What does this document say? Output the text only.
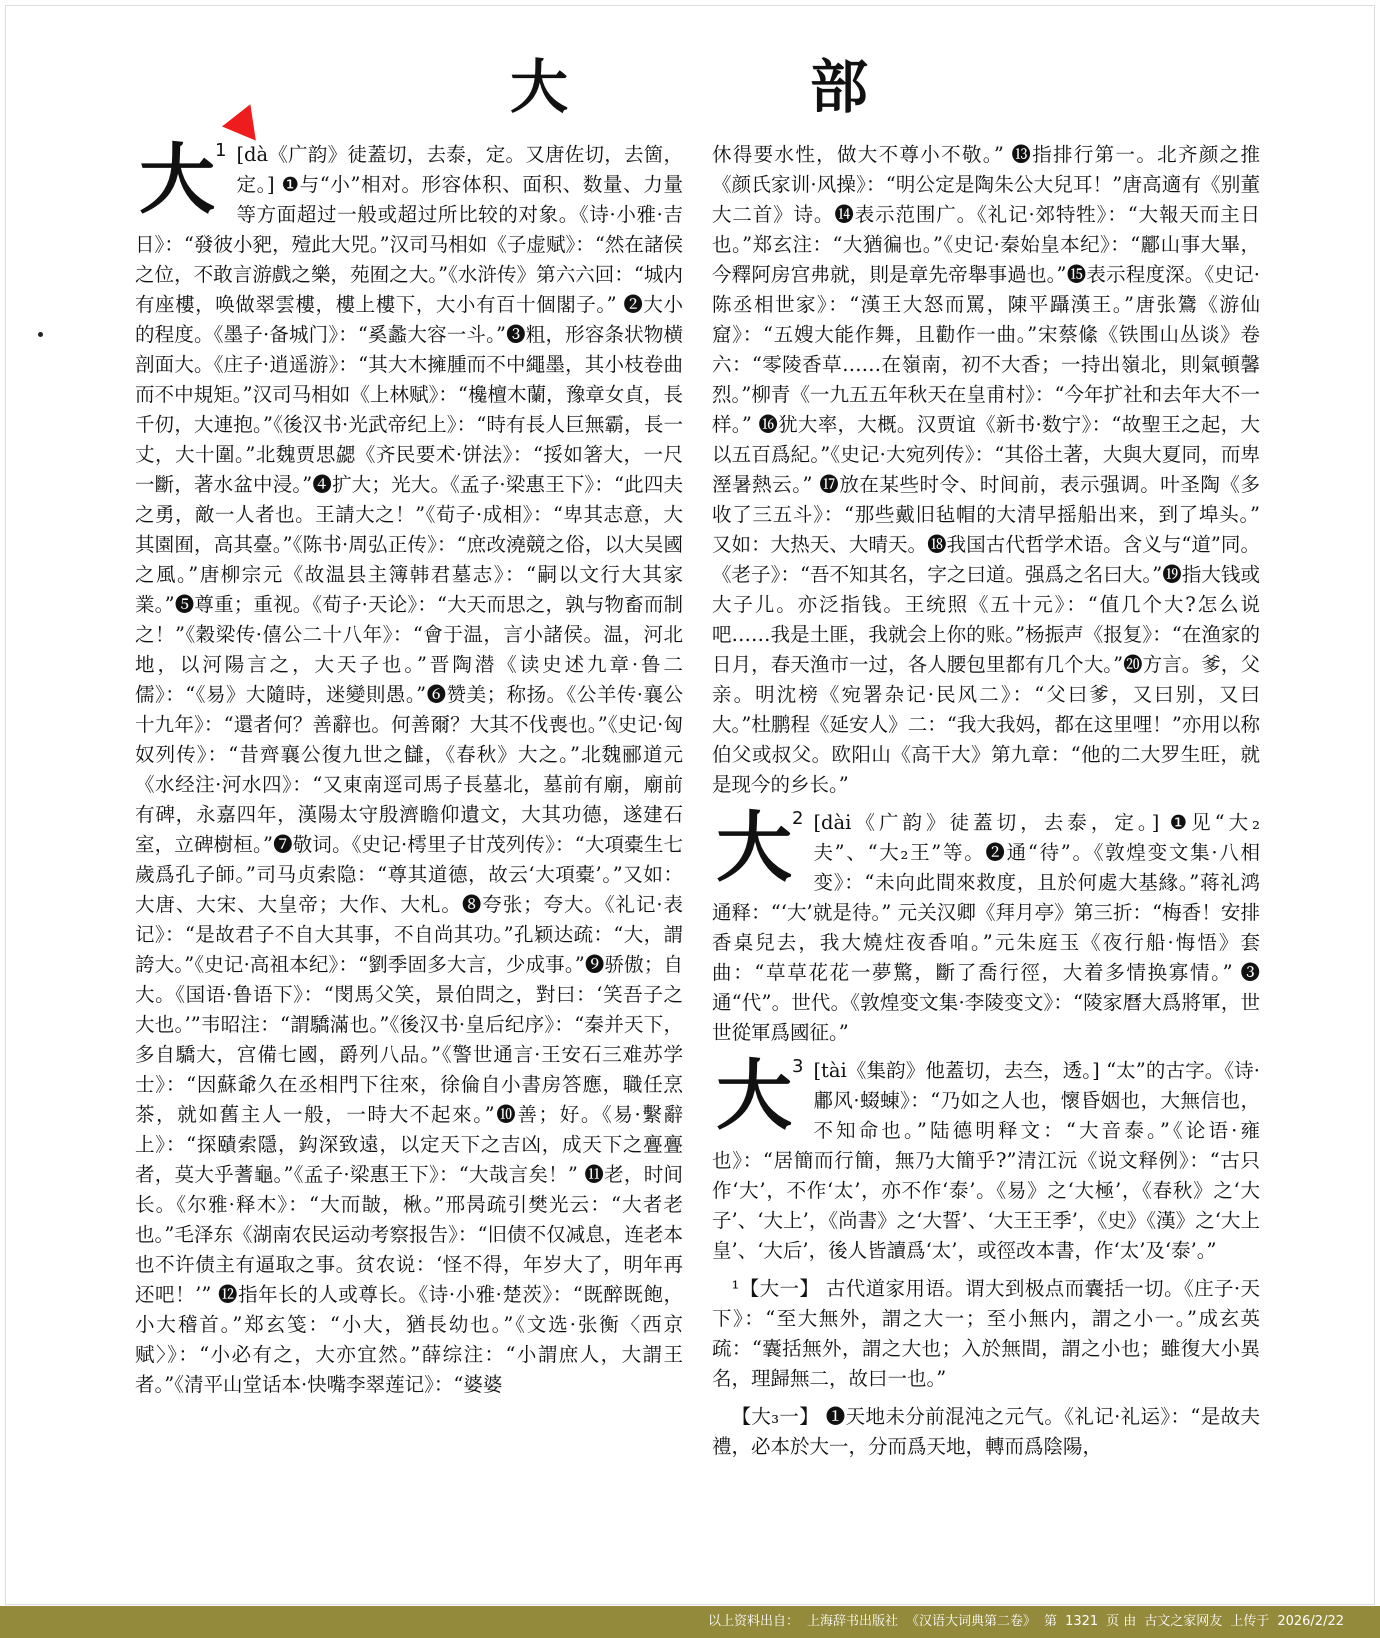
大	部
大$^1$ [dà《广韵》徒蓋切，去泰，定。又唐佐切，去箇，定。] ❶与“小”相对。形容体积、面积、数量、力量等方面超过一般或超过所比较的对象。《诗·小雅·吉日》：“發彼小豝，殪此大兕。”汉司马相如《子虚赋》：“然在諸侯之位，不敢言游戲之樂，苑囿之大。”《水浒传》第六六回：“城内有座樓，唤做翠雲樓，樓上樓下，大小有百十個閣子。” ❷大小的程度。《墨子·备城门》：“奚蠡大容一斗。”❸粗，形容条状物横剖面大。《庄子·逍遥游》：“其大木擁腫而不中繩墨，其小枝卷曲而不中規矩。”汉司马相如《上林赋》：“欃檀木蘭，豫章女貞，長千仞，大連抱。”《後汉书·光武帝纪上》：“時有長人巨無霸，長一丈，大十圍。”北魏贾思勰《齐民要术·饼法》：“挼如箸大，一尺一斷，著水盆中浸。”❹扩大；光大。《孟子·梁惠王下》：“此四夫之勇，敵一人者也。王請大之！”《荀子·成相》：“卑其志意，大其園囿，高其臺。”《陈书·周弘正传》：“庶改澆競之俗，以大吴國之風。”唐柳宗元《故温县主簿韩君墓志》：“嗣以文行大其家業。”❺尊重；重视。《荀子·天论》：“大天而思之，孰与物畜而制之！”《穀梁传·僖公二十八年》：“會于温，言小諸侯。温，河北地，以河陽言之，大天子也。”晋陶潜《读史述九章·鲁二儒》：“《易》大隨時，迷變則愚。”❻赞美；称扬。《公羊传·襄公十九年》：“還者何？善辭也。何善爾？大其不伐喪也。”《史记·匈奴列传》：“昔齊襄公復九世之讎，《春秋》大之。”北魏郦道元《水经注·河水四》：“又東南逕司馬子長墓北，墓前有廟，廟前有碑，永嘉四年，漢陽太守殷濟瞻仰遺文，大其功德，遂建石室，立碑樹桓。”❼敬词。《史记·樗里子甘茂列传》：“大項橐生七歲爲孔子師。”司马贞索隐：“尊其道德，故云‘大項橐’。”又如：大唐、大宋、大皇帝；大作、大札。❽夸张；夸大。《礼记·表记》：“是故君子不自大其事，不自尚其功。”孔颖达疏：“大，謂誇大。”《史记·高祖本纪》：“劉季固多大言，少成事。”❾骄傲；自大。《国语·鲁语下》：“閔馬父笑，景伯問之，對曰：‘笑吾子之大也。’”韦昭注：“謂驕滿也。”《後汉书·皇后纪序》：“秦并天下，多自驕大，宫備七國，爵列八品。”《警世通言·王安石三难苏学士》：“因蘇爺久在丞相門下往來，徐倫自小書房答應，職任烹茶，就如舊主人一般，一時大不起來。”❿善；好。《易·繫辭上》：“探賾索隱，鈎深致遠，以定天下之吉凶，成天下之亹亹者，莫大乎蓍龜。”《孟子·梁惠王下》：“大哉言矣！” ⓫老，时间长。《尔雅·释木》：“大而皵，楸。”邢昺疏引樊光云：“大者老也。”毛泽东《湖南农民运动考察报告》：“旧债不仅减息，连老本也不许债主有逼取之事。贫农说：‘怪不得，年岁大了，明年再还吧！’” ⓬指年长的人或尊长。《诗·小雅·楚茨》：“既醉既飽，小大稽首。”郑玄笺：“小大，猶長幼也。”《文选·张衡〈西京赋〉》：“小必有之，大亦宜然。”薛综注：“小謂庶人，大謂王者。”《清平山堂话本·快嘴李翠莲记》：“婆婆

休得要水性，做大不尊小不敬。” ⓭指排行第一。北齐颜之推《颜氏家训·风操》：“明公定是陶朱公大兒耳！”唐高適有《别董大二首》诗。⓮表示范围广。《礼记·郊特牲》：“大報天而主日也。”郑玄注：“大猶徧也。”《史记·秦始皇本纪》：“酈山事大畢，今釋阿房宫弗就，則是章先帝舉事過也。”⓯表示程度深。《史记·陈丞相世家》：“漢王大怒而罵，陳平躡漢王。”唐张鷟《游仙窟》：“五嫂大能作舞，且勸作一曲。”宋蔡絛《铁围山丛谈》卷六：“零陵香草……在嶺南，初不大香；一持出嶺北，則氣頓馨烈。”柳青《一九五五年秋天在皇甫村》：“今年扩社和去年大不一样。” ⓰犹大率，大概。汉贾谊《新书·数宁》：“故聖王之起，大以五百爲紀。”《史记·大宛列传》：“其俗土著，大與大夏同，而卑溼暑熱云。” ⓱放在某些时令、时间前，表示强调。叶圣陶《多收了三五斗》：“那些戴旧毡帽的大清早摇船出来，到了埠头。” 又如：大热天、大晴天。⓲我国古代哲学术语。含义与“道”同。《老子》：“吾不知其名，字之曰道。强爲之名曰大。”⓳指大钱或大子儿。亦泛指钱。王统照《五十元》：“值几个大?怎么说吧……我是土匪，我就会上你的账。”杨振声《报复》：“在渔家的日月，春天渔市一过，各人腰包里都有几个大。”⓴方言。爹，父亲。明沈榜《宛署杂记·民风二》：“父曰爹，又曰别，又曰大。”杜鹏程《延安人》二：“我大我妈，都在这里哩！”亦用以称伯父或叔父。欧阳山《高干大》第九章：“他的二大罗生旺，就是现今的乡长。”

大$^2$ [dài《广韵》徒蓋切，去泰，定。] ❶见“大₂夫”、“大₂王”等。❷通“待”。《敦煌变文集·八相变》：“未向此間來救度，且於何處大基緣。”蒋礼鸿通释：“‘大’就是待。” 元关汉卿《拜月亭》第三折：“梅香！安排香桌兒去，我大燒炷夜香咱。”元朱庭玉《夜行船·悔悟》套曲：“草草花花一夢驚，斷了喬行徑，大着多情换寡情。” ❸通“代”。世代。《敦煌变文集·李陵变文》：“陵家曆大爲將軍，世世從軍爲國征。”

大$^3$ [tài《集韵》他蓋切，去夳，透。] “太”的古字。《诗·鄘风·蝃蝀》：“乃如之人也，懷昏姻也，大無信也，不知命也。”陆德明释文：“大音泰。”《论语·雍也》：“居簡而行簡，無乃大簡乎?”清江沅《说文释例》：“古只作‘大’，不作‘太’，亦不作‘泰’。《易》之‘大極’，《春秋》之‘大子’、‘大上’，《尚書》之‘大誓’、‘大王王季’，《史》《漢》之‘大上皇’、‘大后’，後人皆讀爲‘太’，或徑改本書，作‘太’及‘泰’。”

¹【大一】 古代道家用语。谓大到极点而囊括一切。《庄子·天下》：“至大無外，謂之大一；至小無内，謂之小一。”成玄英疏：“囊括無外，謂之大也；入於無間，謂之小也；雖復大小異名，理歸無二，故曰一也。”

【大₃一】 ❶天地未分前混沌之元气。《礼记·礼运》：“是故夫禮，必本於大一，分而爲天地，轉而爲陰陽，

以上资料出自： 上海辞书出版社 《汉语大词典第二卷》 第 1321 页 由 古文之家网友 上传于 2026/2/22
